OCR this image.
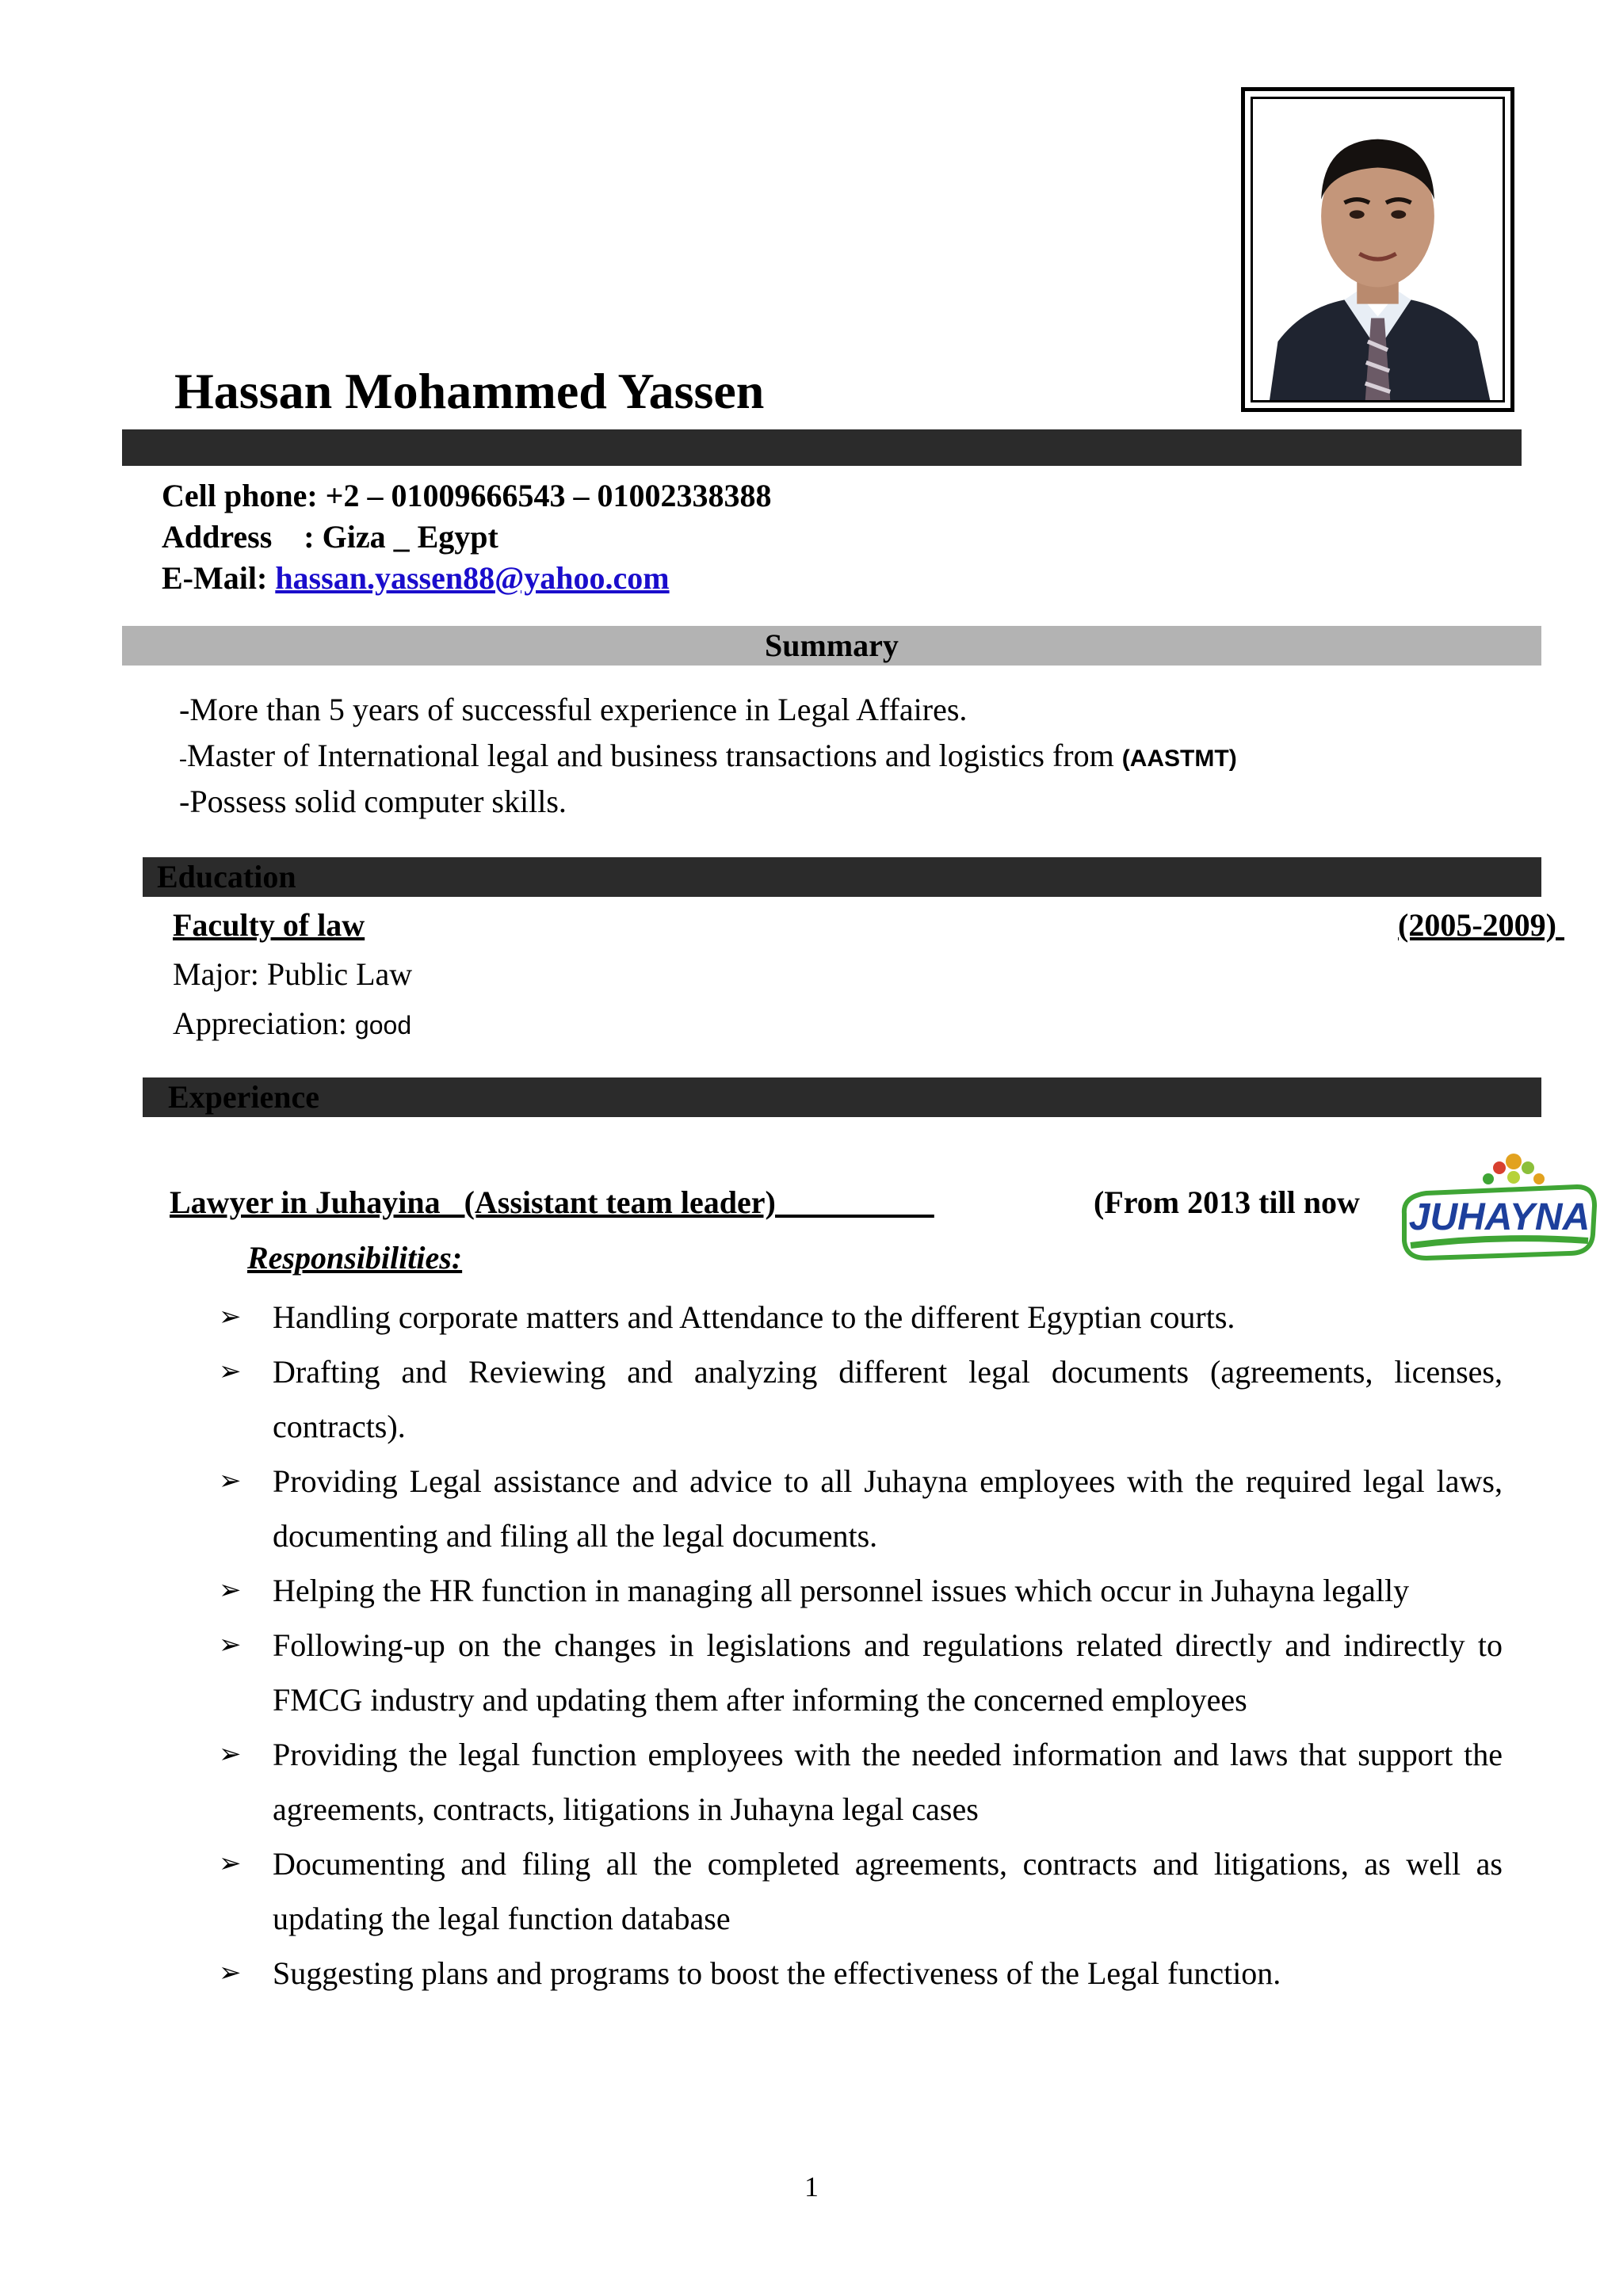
Hassan Mohammed Yassen
Cell phone: +2 – 01009666543 – 01002338388
Address    : Giza _ Egypt
E-Mail: hassan.yassen88@yahoo.com
Summary
-More than 5 years of successful experience in Legal Affaires.
-Master of International legal and business transactions and logistics from (AASTMT)
-Possess solid computer skills.
Education
Faculty of law	(2005-2009)
Major: Public Law
Appreciation: good
Experience
Lawyer in Juhayina_ (Assistant team leader)  _	(From 2013 till now JUHAYNA
Responsibilities:
➢ Handling corporate matters and Attendance to the different Egyptian courts.
➢ Drafting and Reviewing and analyzing different legal documents (agreements, licenses, contracts).
➢ Providing Legal assistance and advice to all Juhayna employees with the required legal laws, documenting and filing all the legal documents.
➢ Helping the HR function in managing all personnel issues which occur in Juhayna legally
➢ Following-up on the changes in legislations and regulations related directly and indirectly to FMCG industry and updating them after informing the concerned employees
➢ Providing the legal function employees with the needed information and laws that support the agreements, contracts, litigations in Juhayna legal cases
➢ Documenting and filing all the completed agreements, contracts and litigations, as well as updating the legal function database
➢ Suggesting plans and programs to boost the effectiveness of the Legal function.
1
